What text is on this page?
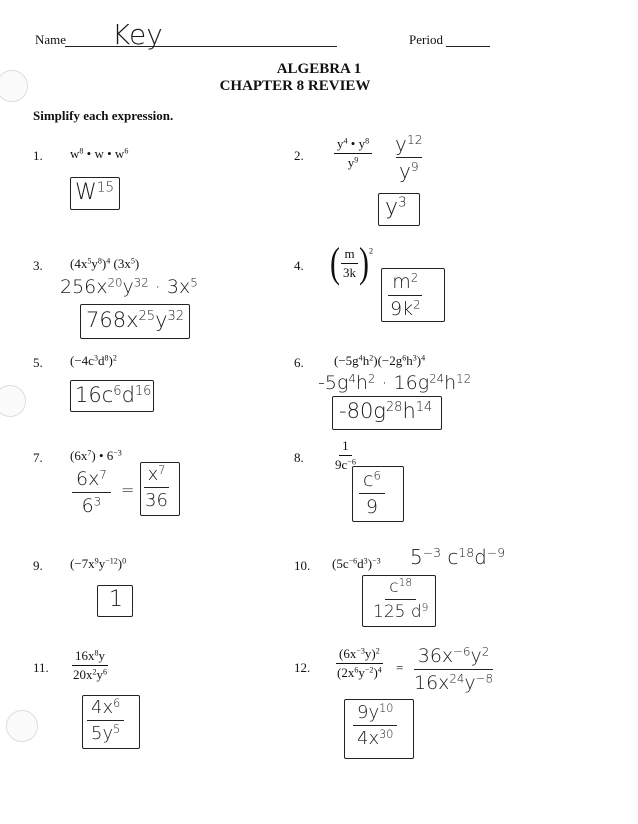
Name Key	Period
ALGEBRA 1
CHAPTER 8 REVIEW
Simplify each expression.
1. $w^8$ • w • $w^6$
$W^{15}$
2. $\frac{y^4 • y^8}{y^9} \frac{y^{12}}{y^9}$
$y^3$
3. $(4x^5y^8)^4$ $(3x^5)$
$256x^{20}y^{32} \cdot 3x^5$
$768x^{25}y^{32}$
4. ( $\frac{m}{3k} )^2$
$\frac{m^2}{9k^2}$
5. $(-4c^3d^8)^2$
$16c^6d^{16}$
6. $(-5g^4h^2)(-2g^6h^3)^4$
$-5g^4h^2 \cdot 16g^{24}h^{12}$
$-80g^{28}h^{14}$
7. $(6x^7)$ • $6^{-3}$
$\frac{6x^7}{6^3} = \frac{x^7}{36}$
8. $\frac{1}{9c^{-6}}$
$\frac{c^6}{9}$
9. $(-7x^9y^{-12})^0$
1
10. $(5c^{-6}d^3)^{-3}$ $5^{-3}$ $c^{18}d^{-9}$
$\frac{c^{18}}{125 d^9}$
11. $\frac{16x^8y}{20x^2y^6}$
$\frac{4x^6}{5y^5}$
12. $\frac{(6x^{-3}y)^2}{(2x^6y^{-2})^4} = \frac{36x^{-6}y^2}{16x^{24}y^{-8}}$
$\frac{9y^{10}}{4x^{30}}$
